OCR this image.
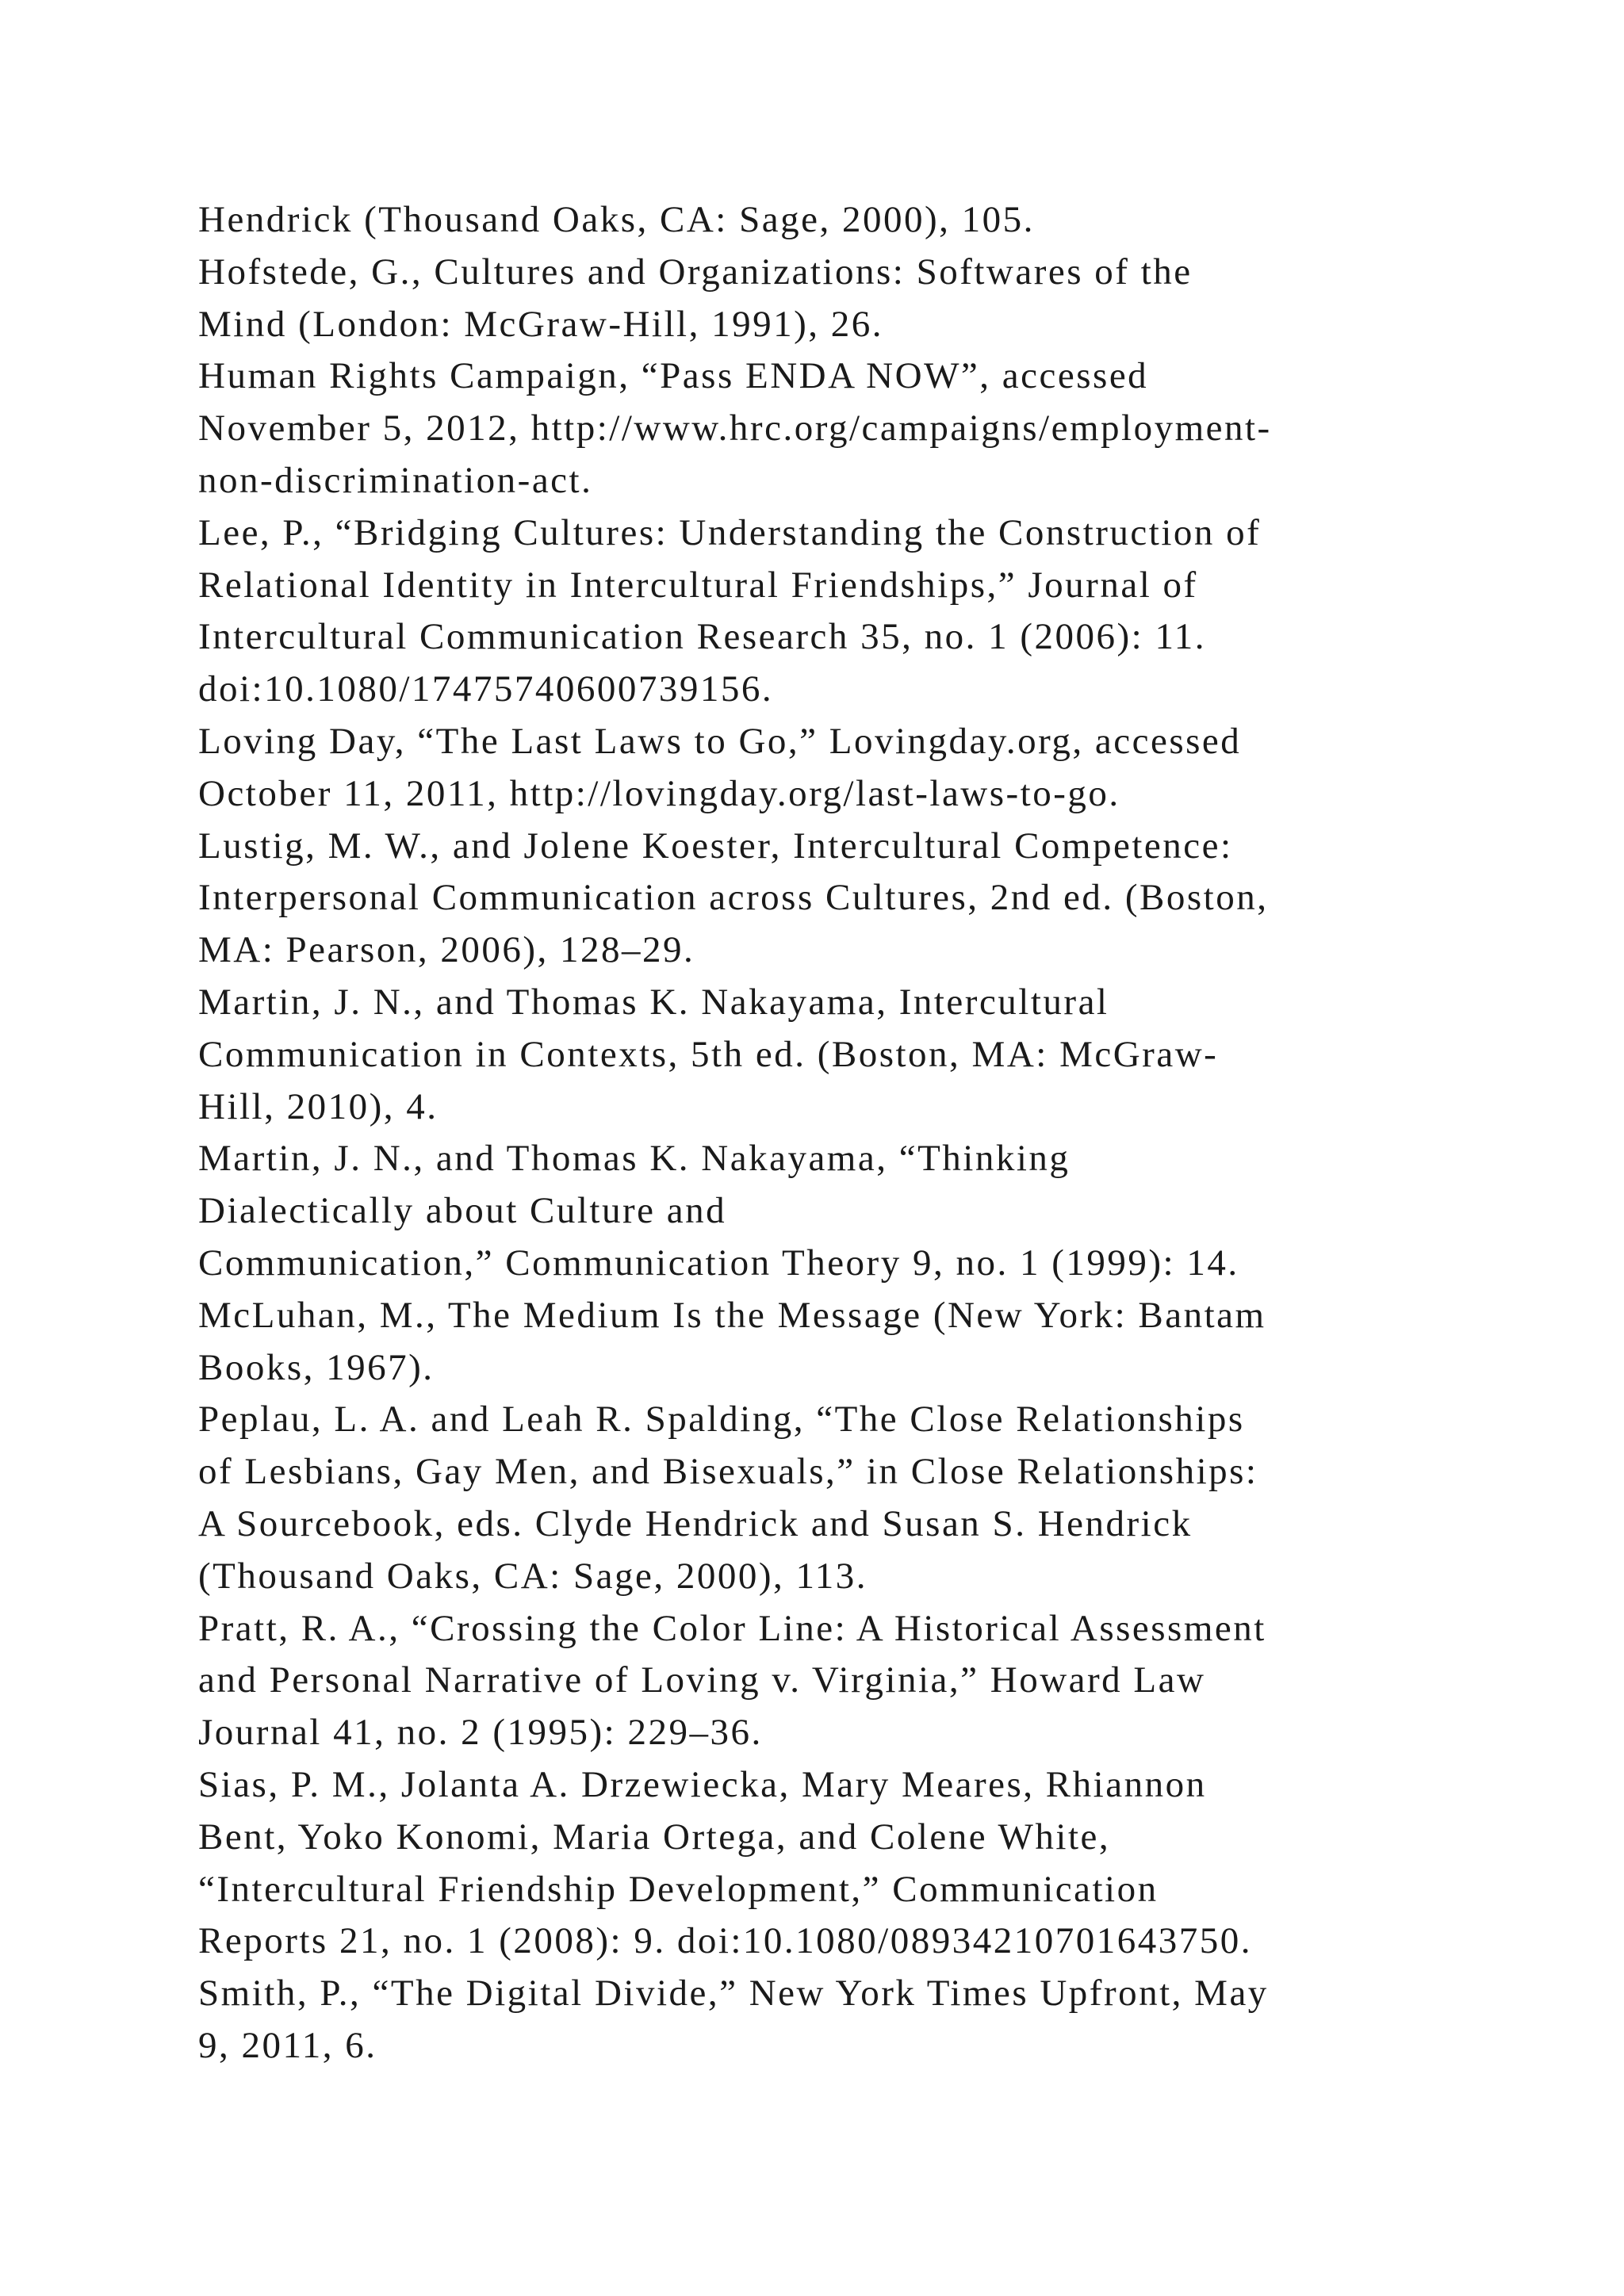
Hendrick (Thousand Oaks, CA: Sage, 2000), 105.
Hofstede, G., Cultures and Organizations: Softwares of the
Mind (London: McGraw-Hill, 1991), 26.
Human Rights Campaign, “Pass ENDA NOW”, accessed
November 5, 2012, http://www.hrc.org/campaigns/employment-
non-discrimination-act.
Lee, P., “Bridging Cultures: Understanding the Construction of
Relational Identity in Intercultural Friendships,” Journal of
Intercultural Communication Research 35, no. 1 (2006): 11.
doi:10.1080/17475740600739156.
Loving Day, “The Last Laws to Go,” Lovingday.org, accessed
October 11, 2011, http://lovingday.org/last-laws-to-go.
Lustig, M. W., and Jolene Koester, Intercultural Competence:
Interpersonal Communication across Cultures, 2nd ed. (Boston,
MA: Pearson, 2006), 128–29.
Martin, J. N., and Thomas K. Nakayama, Intercultural
Communication in Contexts, 5th ed. (Boston, MA: McGraw-
Hill, 2010), 4.
Martin, J. N., and Thomas K. Nakayama, “Thinking
Dialectically about Culture and
Communication,” Communication Theory 9, no. 1 (1999): 14.
McLuhan, M., The Medium Is the Message (New York: Bantam
Books, 1967).
Peplau, L. A. and Leah R. Spalding, “The Close Relationships
of Lesbians, Gay Men, and Bisexuals,” in Close Relationships:
A Sourcebook, eds. Clyde Hendrick and Susan S. Hendrick
(Thousand Oaks, CA: Sage, 2000), 113.
Pratt, R. A., “Crossing the Color Line: A Historical Assessment
and Personal Narrative of Loving v. Virginia,” Howard Law
Journal 41, no. 2 (1995): 229–36.
Sias, P. M., Jolanta A. Drzewiecka, Mary Meares, Rhiannon
Bent, Yoko Konomi, Maria Ortega, and Colene White,
“Intercultural Friendship Development,” Communication
Reports 21, no. 1 (2008): 9. doi:10.1080/08934210701643750.
Smith, P., “The Digital Divide,” New York Times Upfront, May
9, 2011, 6.
